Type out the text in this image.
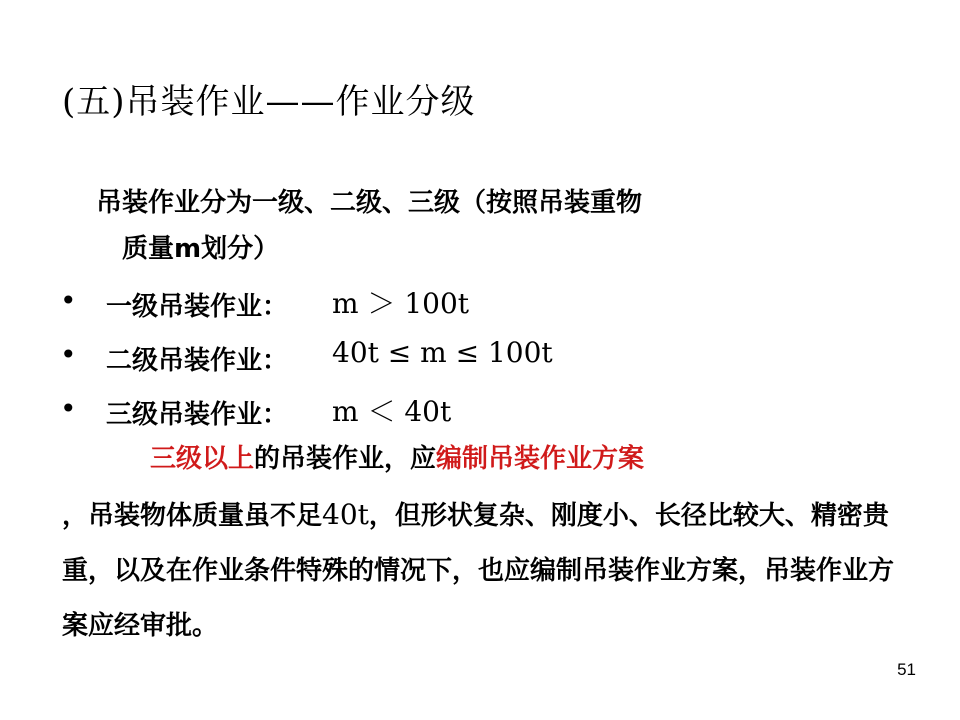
(五)吊装作业——作业分级
吊装作业分为一级、二级、三级（按照吊装重物
质量m划分）
• 一级吊装作业： m ＞ 100t
• 二级吊装作业： 40t ≤ m ≤ 100t
• 三级吊装作业： m ＜ 40t
三级以上的吊装作业，应编制吊装作业方案
，吊装物体质量虽不足40t，但形状复杂、刚度小、长径比较大、精密贵重，以及在作业条件特殊的情况下，也应编制吊装作业方案，吊装作业方案应经审批。
51
